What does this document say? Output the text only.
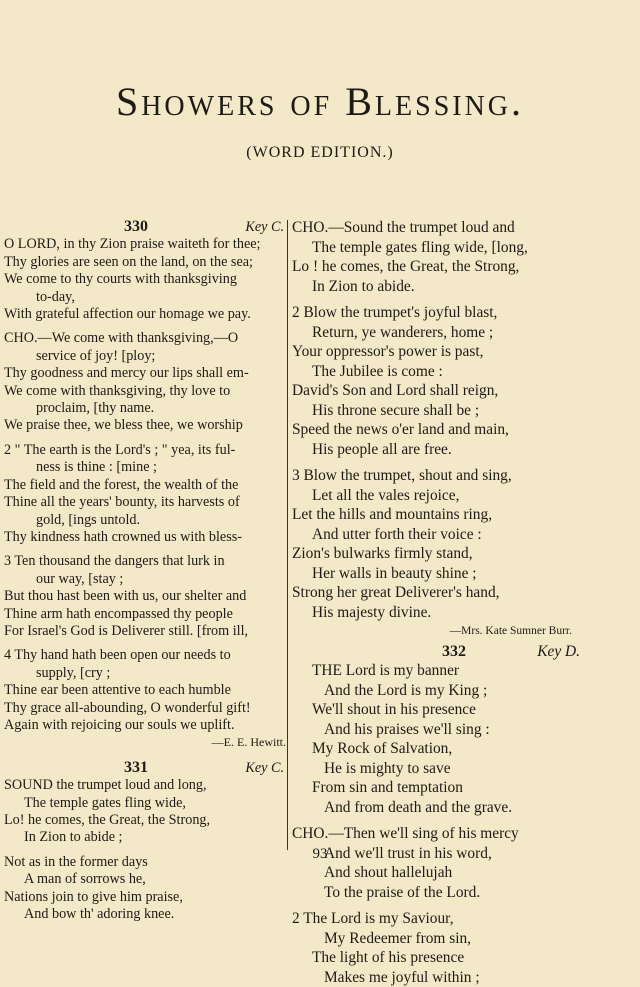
Showers of Blessing.
(WORD EDITION.)
330	Key C.
O LORD, in thy Zion praise waiteth for thee;
Thy glories are seen on the land, on the sea;
We come to thy courts with thanksgiving
to-day,
With grateful affection our homage we pay.
CHO.—We come with thanksgiving,—O
service of joy! [ploy;
Thy goodness and mercy our lips shall em-
We come with thanksgiving, thy love to
proclaim, [thy name.
We praise thee, we bless thee, we worship
2 " The earth is the Lord's ; " yea, its ful-
ness is thine : [mine ;
The field and the forest, the wealth of the
Thine all the years' bounty, its harvests of
gold, [ings untold.
Thy kindness hath crowned us with bless-
3 Ten thousand the dangers that lurk in
our way, [stay ;
But thou hast been with us, our shelter and
Thine arm hath encompassed thy people
For Israel's God is Deliverer still. [from ill,
4 Thy hand hath been open our needs to
supply, [cry ;
Thine ear been attentive to each humble
Thy grace all-abounding, O wonderful gift!
Again with rejoicing our souls we uplift.
—E. E. Hewitt.
331	Key C.
SOUND the trumpet loud and long,
The temple gates fling wide,
Lo! he comes, the Great, the Strong,
In Zion to abide ;
Not as in the former days
A man of sorrows he,
Nations join to give him praise,
And bow th' adoring knee.
CHO.—Sound the trumpet loud and
The temple gates fling wide, [long,
Lo ! he comes, the Great, the Strong,
In Zion to abide.
2 Blow the trumpet's joyful blast,
Return, ye wanderers, home ;
Your oppressor's power is past,
The Jubilee is come :
David's Son and Lord shall reign,
His throne secure shall be ;
Speed the news o'er land and main,
His people all are free.
3 Blow the trumpet, shout and sing,
Let all the vales rejoice,
Let the hills and mountains ring,
And utter forth their voice :
Zion's bulwarks firmly stand,
Her walls in beauty shine ;
Strong her great Deliverer's hand,
His majesty divine.
—Mrs. Kate Sumner Burr.
332	Key D.
THE Lord is my banner
And the Lord is my King ;
We'll shout in his presence
And his praises we'll sing :
My Rock of Salvation,
He is mighty to save
From sin and temptation
And from death and the grave.
CHO.—Then we'll sing of his mercy
And we'll trust in his word,
And shout hallelujah
To the praise of the Lord.
2 The Lord is my Saviour,
My Redeemer from sin,
The light of his presence
Makes me joyful within ;
93
